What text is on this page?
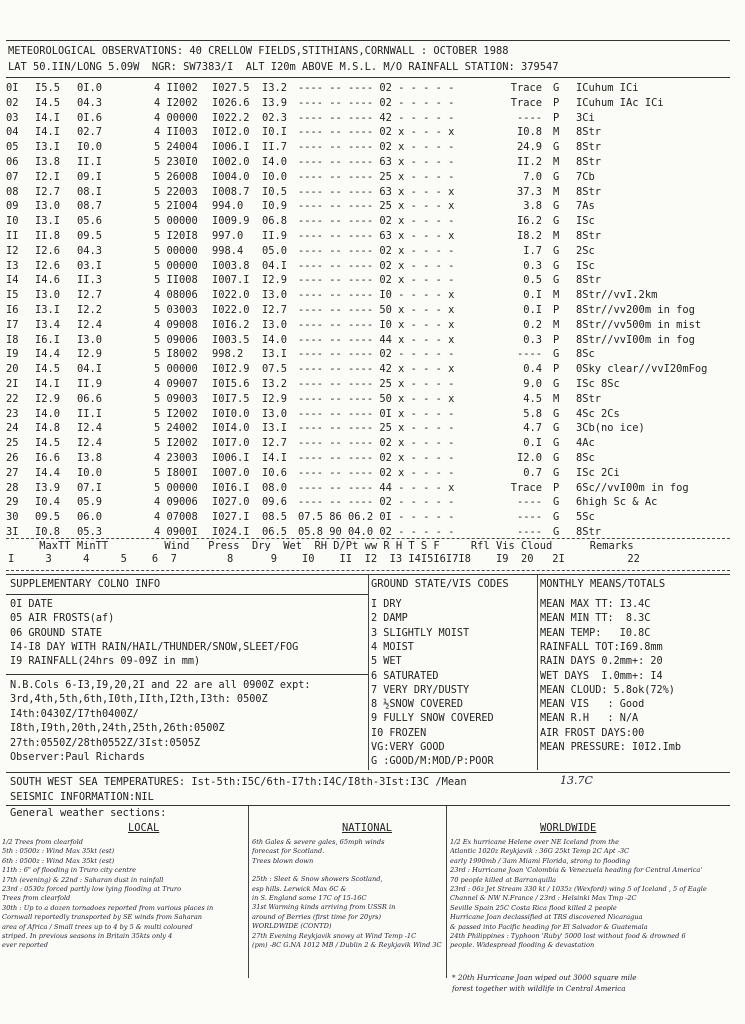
METEOROLOGICAL OBSERVATIONS: 40 CRELLOW FIELDS,STITHIANS,CORNWALL : OCTOBER 1988
LAT 50.IIN/LONG 5.09W  NGR: SW7383/I  ALT I20m ABOVE M.S.L. M/O RAINFALL STATION: 379547
0I I5.5 0I.0	4 II002 I027.5 I3.2 ---- -- ---- 02 - - - - -	Trace G ICuhum ICi
02 I4.5 04.3	4 I2002 I026.6 I3.9 ---- -- ---- 02 - - - - -	Trace P ICuhum IAc ICi
03 I4.I 0I.6	4 00000 I022.2 02.3 ---- -- ---- 42 - - - - -	---- P 3Ci
04 I4.I 02.7	4 II003 I0I2.0 I0.I ---- -- ---- 02 x - - - x	I0.8 M 8Str
05 I3.I I0.0	5 24004 I006.I II.7 ---- -- ---- 02 x - - - -	24.9 G 8Str
06 I3.8 II.I	5 230I0 I002.0 I4.0 ---- -- ---- 63 x - - - -	II.2 M 8Str
07 I2.I 09.I	5 26008 I004.0 I0.0 ---- -- ---- 25 x - - - -	7.0 G 7Cb
08 I2.7 08.I	5 22003 I008.7 I0.5 ---- -- ---- 63 x - - - x	37.3 M 8Str
09 I3.0 08.7	5 2I004 994.0 I0.9 ---- -- ---- 25 x - - - x	3.8 G 7As
I0 I3.I 05.6	5 00000 I009.9 06.8 ---- -- ---- 02 x - - - -	I6.2 G ISc
II II.8 09.5	5 I20I8 997.0 II.9 ---- -- ---- 63 x - - - x	I8.2 M 8Str
I2 I2.6 04.3	5 00000 998.4 05.0 ---- -- ---- 02 x - - - -	I.7 G 2Sc
I3 I2.6 03.I	5 00000 I003.8 04.I ---- -- ---- 02 x - - - -	0.3 G ISc
I4 I4.6 II.3	5 II008 I007.I I2.9 ---- -- ---- 02 x - - - -	0.5 G 8Str
I5 I3.0 I2.7	4 08006 I022.0 I3.0 ---- -- ---- I0 - - - - x	0.I M 8Str//vvI.2km
I6 I3.I I2.2	5 03003 I022.0 I2.7 ---- -- ---- 50 x - - - x	0.I P 8Str//vv200m in fog
I7 I3.4 I2.4	4 09008 I0I6.2 I3.0 ---- -- ---- I0 x - - - x	0.2 M 8Str//vv500m in mist
I8 I6.I I3.0	5 09006 I003.5 I4.0 ---- -- ---- 44 x - - - x	0.3 P 8Str//vvI00m in fog
I9 I4.4 I2.9	5 I8002 998.2 I3.I ---- -- ---- 02 - - - - -	---- G 8Sc
20 I4.5 04.I	5 00000 I0I2.9 07.5 ---- -- ---- 42 x - - - x	0.4 P 0Sky clear//vvI20mFog
2I I4.I II.9	4 09007 I0I5.6 I3.2 ---- -- ---- 25 x - - - -	9.0 G ISc 8Sc
22 I2.9 06.6	5 09003 I0I7.5 I2.9 ---- -- ---- 50 x - - - x	4.5 M 8Str
23 I4.0 II.I	5 I2002 I0I0.0 I3.0 ---- -- ---- 0I x - - - -	5.8 G 4Sc 2Cs
24 I4.8 I2.4	5 24002 I0I4.0 I3.I ---- -- ---- 25 x - - - -	4.7 G 3Cb(no ice)
25 I4.5 I2.4	5 I2002 I0I7.0 I2.7 ---- -- ---- 02 x - - - -	0.I G 4Ac
26 I6.6 I3.8	4 23003 I006.I I4.I ---- -- ---- 02 x - - - -	I2.0 G 8Sc
27 I4.4 I0.0	5 I800I I007.0 I0.6 ---- -- ---- 02 x - - - -	0.7 G ISc 2Ci
28 I3.9 07.I	5 00000 I0I6.I 08.0 ---- -- ---- 44 - - - - x	Trace P 6Sc//vvI00m in fog
29 I0.4 05.9	4 09006 I027.0 09.6 ---- -- ---- 02 - - - - -	---- G 6high Sc & Ac
30 09.5 06.0	4 07008 I027.I 08.5 07.5 86 06.2 0I - - - - -	---- G 5Sc
3I I0.8 05.3	4 0900I I024.I 06.5 05.8 90 04.0 02 - - - - -	---- G 8Str
MaxTT MinTT         Wind   Press  Dry  Wet  RH D/Pt ww R H T S F     Rfl Vis Cloud      Remarks
I     3     4     5    6  7        8      9    I0    II  I2  I3 I4I5I6I7I8    I9  20   2I          22
SUPPLEMENTARY COLNO INFO
0I DATE
05 AIR FROSTS(af)
06 GROUND STATE
I4-I8 DAY WITH RAIN/HAIL/THUNDER/SNOW,SLEET/FOG
I9 RAINFALL(24hrs 09-09Z in mm)
N.B.Cols 6-I3,I9,20,2I and 22 are all 0900Z expt:
3rd,4th,5th,6th,I0th,IIth,I2th,I3th: 0500Z
I4th:0430Z/I7th0400Z/
I8th,I9th,20th,24th,25th,26th:0500Z
27th:0550Z/28th0552Z/3Ist:0505Z
Observer:Paul Richards
GROUND STATE/VIS CODES
I DRY
2 DAMP
3 SLIGHTLY MOIST
4 MOIST
5 WET
6 SATURATED
7 VERY DRY/DUSTY
8 ½SNOW COVERED
9 FULLY SNOW COVERED
I0 FROZEN
VG:VERY GOOD
G :GOOD/M:MOD/P:POOR
MONTHLY MEANS/TOTALS
MEAN MAX TT: I3.4C
MEAN MIN TT:  8.3C
MEAN TEMP:   I0.8C
RAINFALL TOT:I69.8mm
RAIN DAYS 0.2mm+: 20
WET DAYS  I.0mm+: I4
MEAN CLOUD: 5.8ok(72%)
MEAN VIS   : Good
MEAN R.H   : N/A
AIR FROST DAYS:00
MEAN PRESSURE: I0I2.Imb
SOUTH WEST SEA TEMPERATURES: Ist-5th:I5C/6th-I7th:I4C/I8th-3Ist:I3C /Mean	13.7C
SEISMIC INFORMATION:NIL
General weather sections:
LOCAL	NATIONAL	WORLDWIDE
1/2 Trees from clearfold
5th : 0500z : Wind Max 35kt (est)
6th : 0500z : Wind Max 35kt (est)
11th : 6" of flooding in Truro city centre
17th (evening) & 22nd : Saharan dust in rainfall
23rd : 0530z forced partly low lying flooding at Truro
Trees from clearfold
30th : Up to a dozen tornadoes reported from various places in
Cornwall reportedly transported by SE winds from Saharan
area of Africa / Small trees up to 4 by 5 & multi coloured
striped. In previous seasons in Britain 35kts only 4
ever reported
6th Gales & severe gales, 65mph winds
forecast for Scotland.
Trees blown down
25th : Sleet & Snow showers Scotland,
esp hills. Lerwick Max 6C &
in S. England some 17C of 15-16C
31st Warming kinds arriving from USSR in
around of Berries (first time for 20yrs)
WORLDWIDE (CONTD)
27th Evening Reykjavik snowy at Wind Temp -1C
(pm) -8C G.NA 1012 MB / Dublin 2 & Reykjavik Wind 3C
1/2 Ex hurricane Helene over NE Iceland from the
Atlantic 1020z Reykjavik : 36G 25kt Temp 2C Apt -3C
early 1990mb / 3am Miami Florida, strong to flooding
23rd : Hurricane Joan 'Colombia & Venezuela heading for Central America'
70 people killed at Barranquilla
23rd : 06z Jet Stream 330 kt / 1035z (Wexford) wing 5 of Iceland , 5 of Eagle
Channel & NW N.France / 23rd : Helsinki Max Tmp -2C
Seville Spain 25C Costa Rica flood killed 2 people
Hurricane Joan declassified at TRS discovered Nicaragua
& passed into Pacific heading for El Salvador & Guatemala
24th Philippines : Typhoon 'Ruby' 5000 lost without food & drowned 6
people. Widespread flooding & devastation
* 20th Hurricane Joan wiped out 3000 square mile
forest together with wildlife in Central America
